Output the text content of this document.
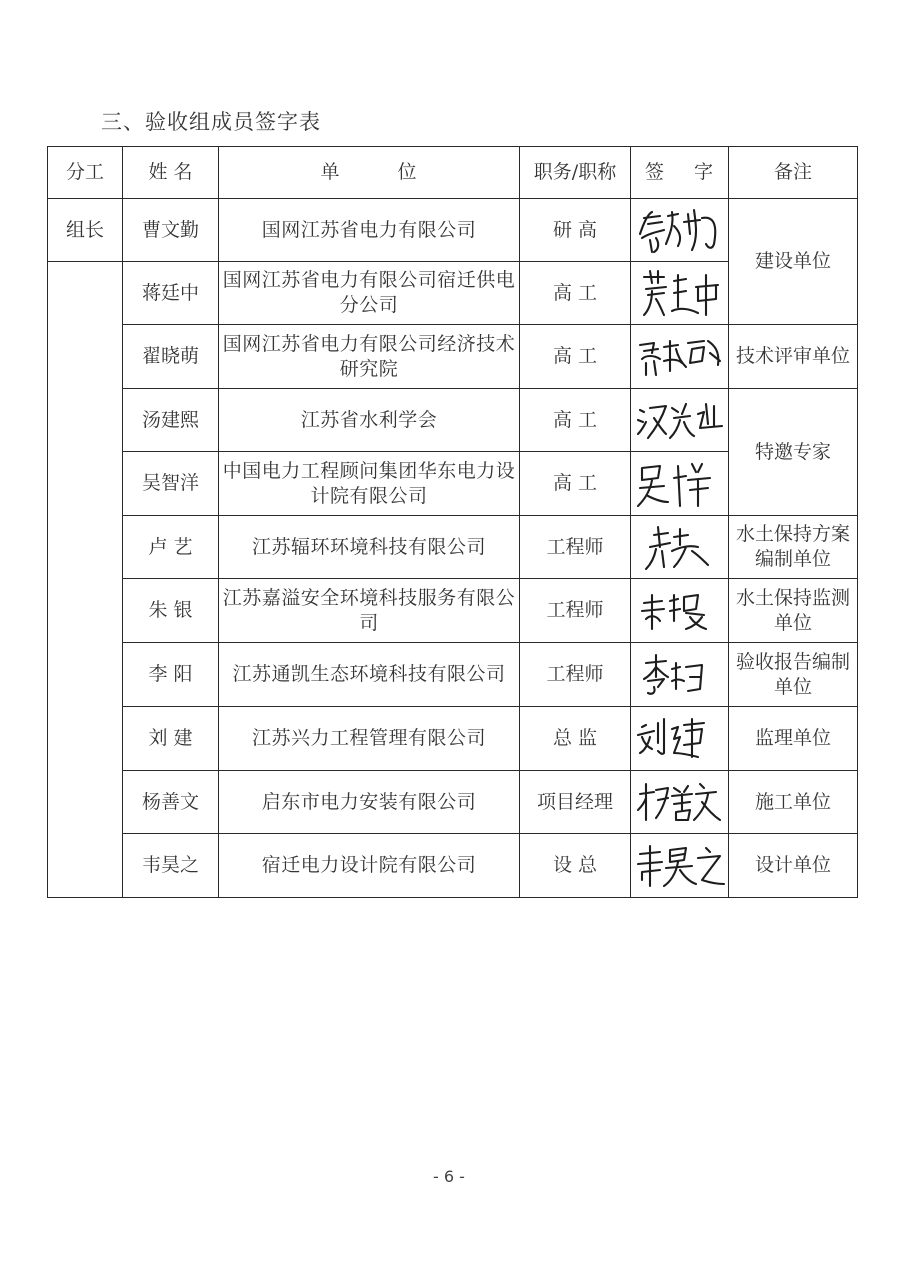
三、验收组成员签字表
分工	姓 名	单 位	职务/职称	签 字	备注
组长	曹文勤	国网江苏省电力有限公司	研 高		建设单位
	蒋廷中	国网江苏省电力有限公司宿迁供电分公司	高 工	

	翟晓萌	国网江苏省电力有限公司经济技术研究院	高 工		技术评审单位
	汤建熙	江苏省水利学会	高 工		特邀专家
	吴智洋	中国电力工程顾问集团华东电力设计院有限公司	高 工	

	卢 艺	江苏辐环环境科技有限公司	工程师		水土保持方案编制单位
	朱 银	江苏嘉溢安全环境科技服务有限公司	工程师		水土保持监测单位
	李 阳	江苏通凯生态环境科技有限公司	工程师		验收报告编制单位
	刘 建	江苏兴力工程管理有限公司	总 监		监理单位
	杨善文	启东市电力安装有限公司	项目经理		施工单位
	韦昊之	宿迁电力设计院有限公司	设 总		设计单位
- 6 -
